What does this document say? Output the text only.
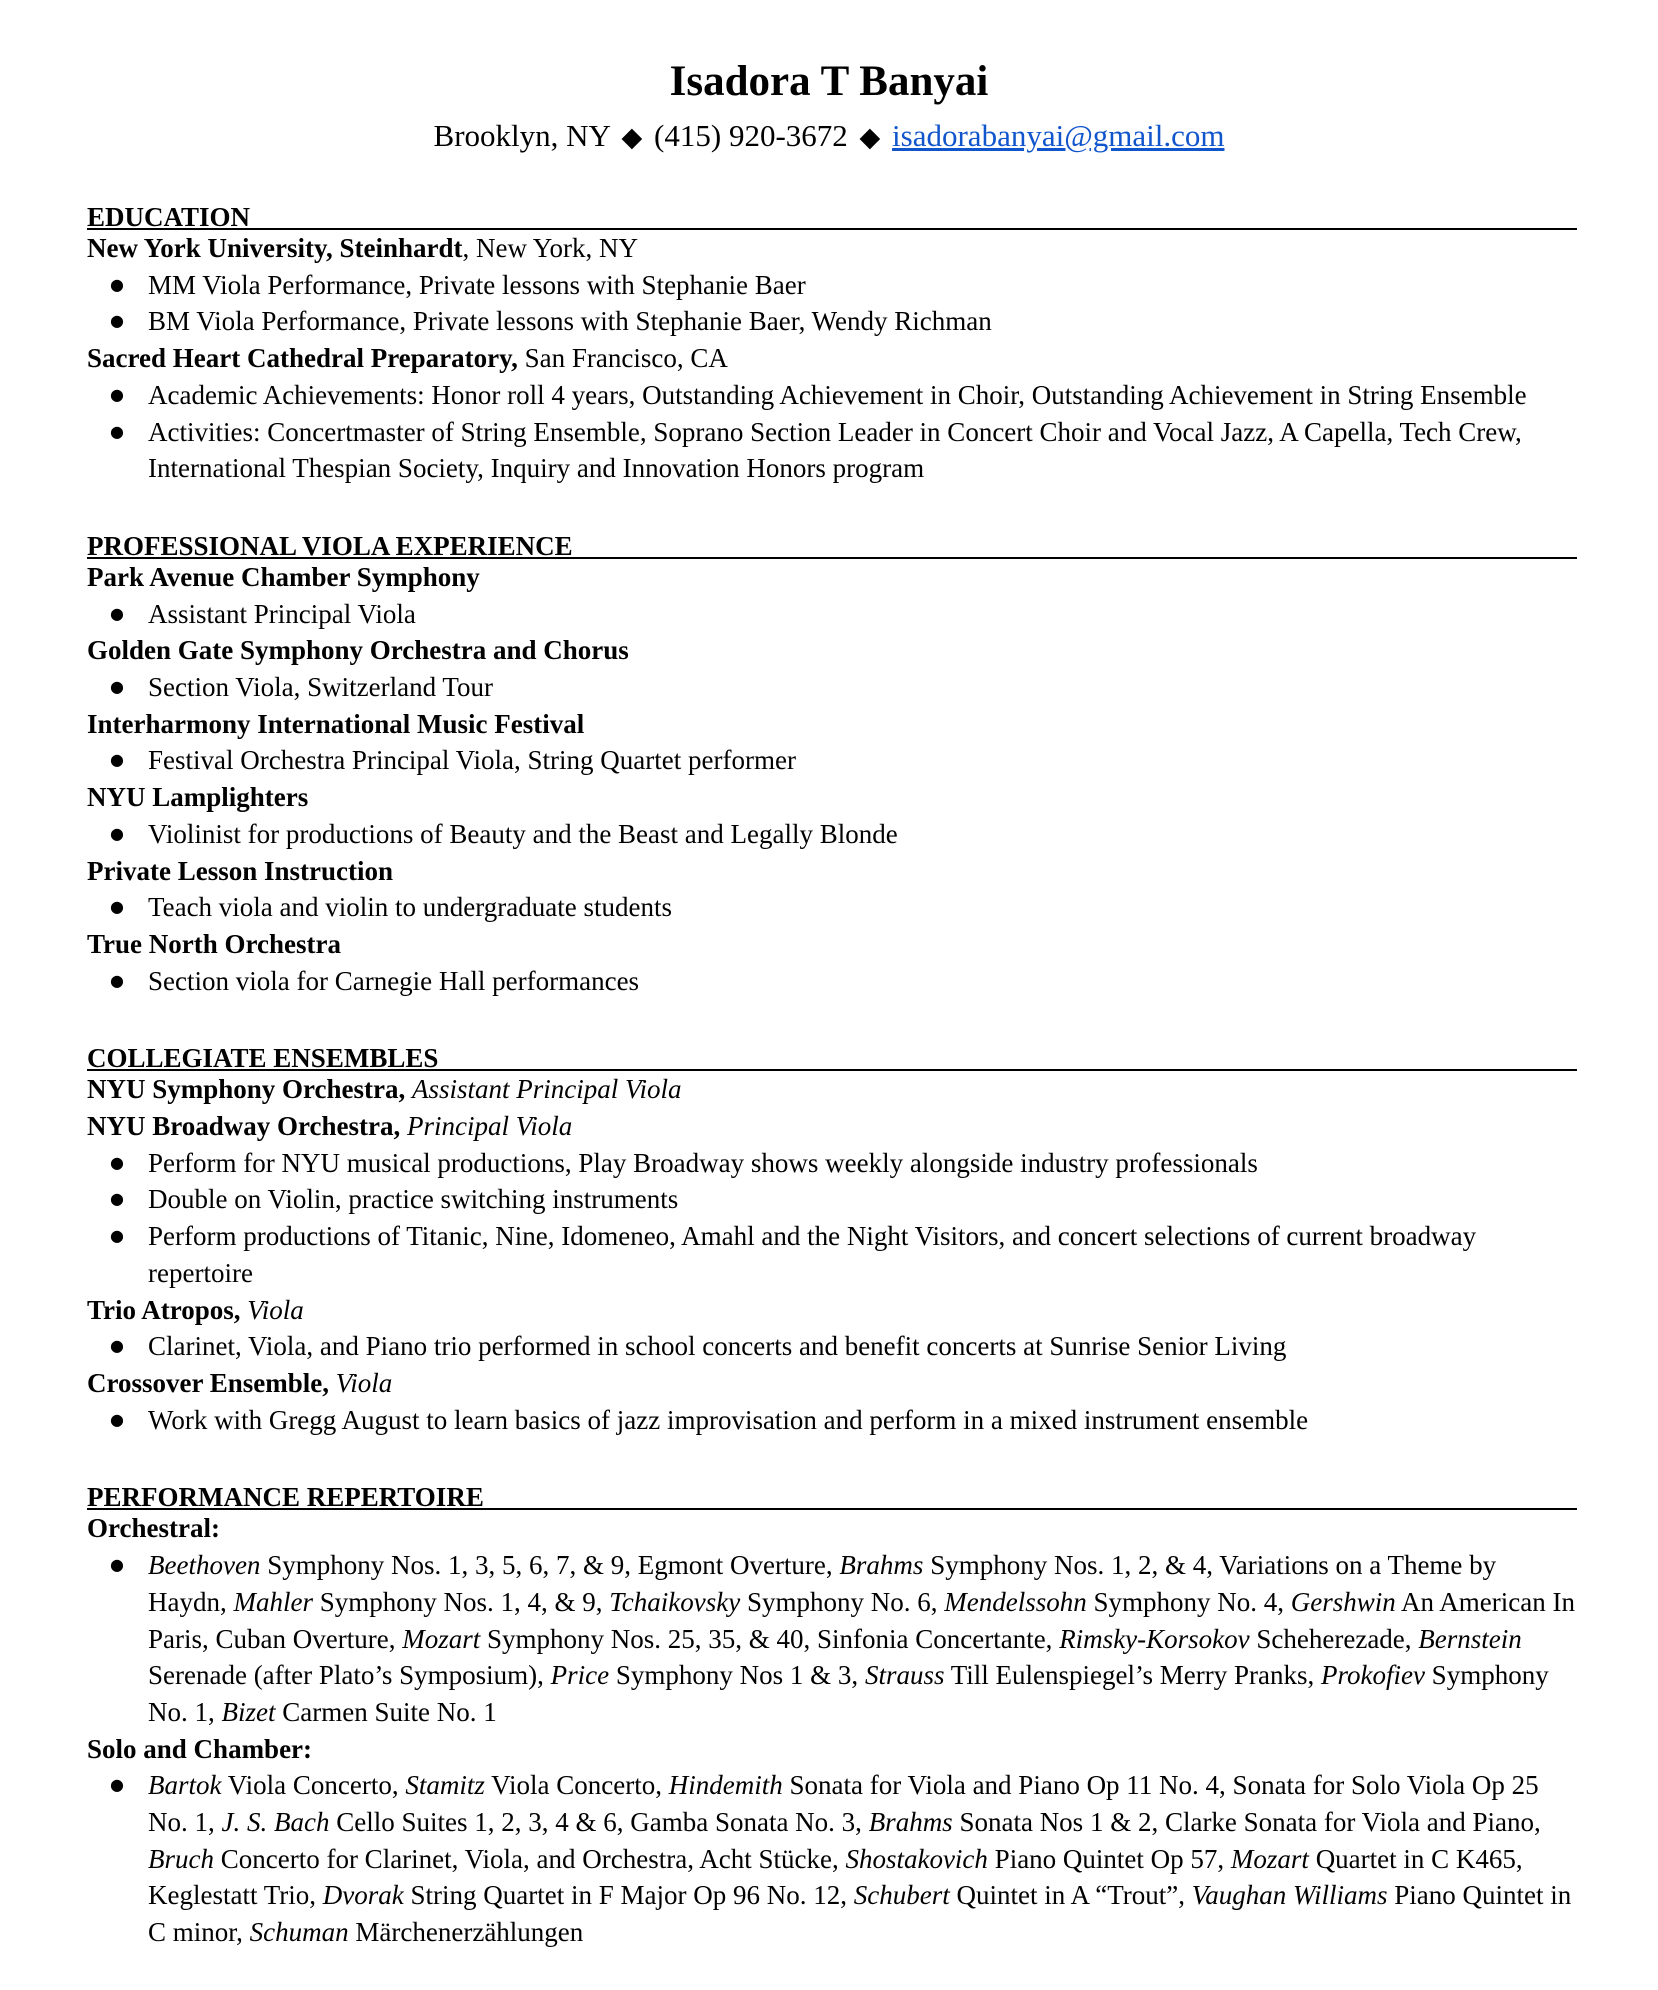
Isadora T Banyai
Brooklyn, NY ◆ (415) 920-3672 ◆ isadorabanyai@gmail.com
EDUCATION
New York University, Steinhardt, New York, NY
● MM Viola Performance, Private lessons with Stephanie Baer
● BM Viola Performance, Private lessons with Stephanie Baer, Wendy Richman
Sacred Heart Cathedral Preparatory, San Francisco, CA
● Academic Achievements: Honor roll 4 years, Outstanding Achievement in Choir, Outstanding Achievement in String Ensemble
● Activities: Concertmaster of String Ensemble, Soprano Section Leader in Concert Choir and Vocal Jazz, A Capella, Tech Crew, International Thespian Society, Inquiry and Innovation Honors program
PROFESSIONAL VIOLA EXPERIENCE
Park Avenue Chamber Symphony
● Assistant Principal Viola
Golden Gate Symphony Orchestra and Chorus
● Section Viola, Switzerland Tour
Interharmony International Music Festival
● Festival Orchestra Principal Viola, String Quartet performer
NYU Lamplighters
● Violinist for productions of Beauty and the Beast and Legally Blonde
Private Lesson Instruction
● Teach viola and violin to undergraduate students
True North Orchestra
● Section viola for Carnegie Hall performances
COLLEGIATE ENSEMBLES
NYU Symphony Orchestra, Assistant Principal Viola
NYU Broadway Orchestra, Principal Viola
● Perform for NYU musical productions, Play Broadway shows weekly alongside industry professionals
● Double on Violin, practice switching instruments
● Perform productions of Titanic, Nine, Idomeneo, Amahl and the Night Visitors, and concert selections of current broadway repertoire
Trio Atropos, Viola
● Clarinet, Viola, and Piano trio performed in school concerts and benefit concerts at Sunrise Senior Living
Crossover Ensemble, Viola
● Work with Gregg August to learn basics of jazz improvisation and perform in a mixed instrument ensemble
PERFORMANCE REPERTOIRE
Orchestral:
● Beethoven Symphony Nos. 1, 3, 5, 6, 7, & 9, Egmont Overture, Brahms Symphony Nos. 1, 2, & 4, Variations on a Theme by Haydn, Mahler Symphony Nos. 1, 4, & 9, Tchaikovsky Symphony No. 6, Mendelssohn Symphony No. 4, Gershwin An American In Paris, Cuban Overture, Mozart Symphony Nos. 25, 35, & 40, Sinfonia Concertante, Rimsky-Korsokov Scheherezade, Bernstein Serenade (after Plato’s Symposium), Price Symphony Nos 1 & 3, Strauss Till Eulenspiegel’s Merry Pranks, Prokofiev Symphony No. 1, Bizet Carmen Suite No. 1
Solo and Chamber:
● Bartok Viola Concerto, Stamitz Viola Concerto, Hindemith Sonata for Viola and Piano Op 11 No. 4, Sonata for Solo Viola Op 25 No. 1, J. S. Bach Cello Suites 1, 2, 3, 4 & 6, Gamba Sonata No. 3, Brahms Sonata Nos 1 & 2, Clarke Sonata for Viola and Piano, Bruch Concerto for Clarinet, Viola, and Orchestra, Acht Stücke, Shostakovich Piano Quintet Op 57, Mozart Quartet in C K465, Keglestatt Trio, Dvorak String Quartet in F Major Op 96 No. 12, Schubert Quintet in A “Trout”, Vaughan Williams Piano Quintet in C minor, Schuman Märchenerzählungen
